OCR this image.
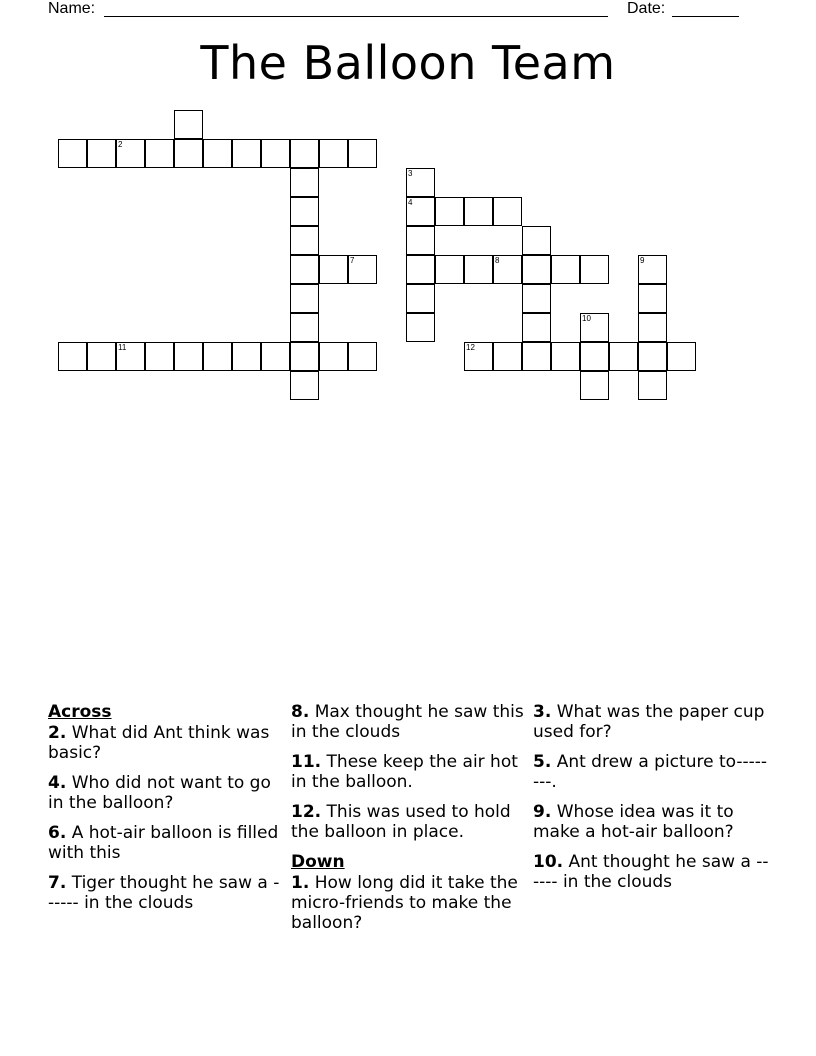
Name:	Date:
The Balloon Team
2
3
4
7	8	9
10
11	12
Across
2. What did Ant think was basic?
4. Who did not want to go in the balloon?
6. A hot-air balloon is filled with this
7. Tiger thought he saw a ------ in the clouds
8. Max thought he saw this in the clouds
11. These keep the air hot in the balloon.
12. This was used to hold the balloon in place.
Down
1. How long did it take the micro-friends to make the balloon?
3. What was the paper cup used for?
5. Ant drew a picture to--------.
9. Whose idea was it to make a hot-air balloon?
10. Ant thought he saw a ------ in the clouds
